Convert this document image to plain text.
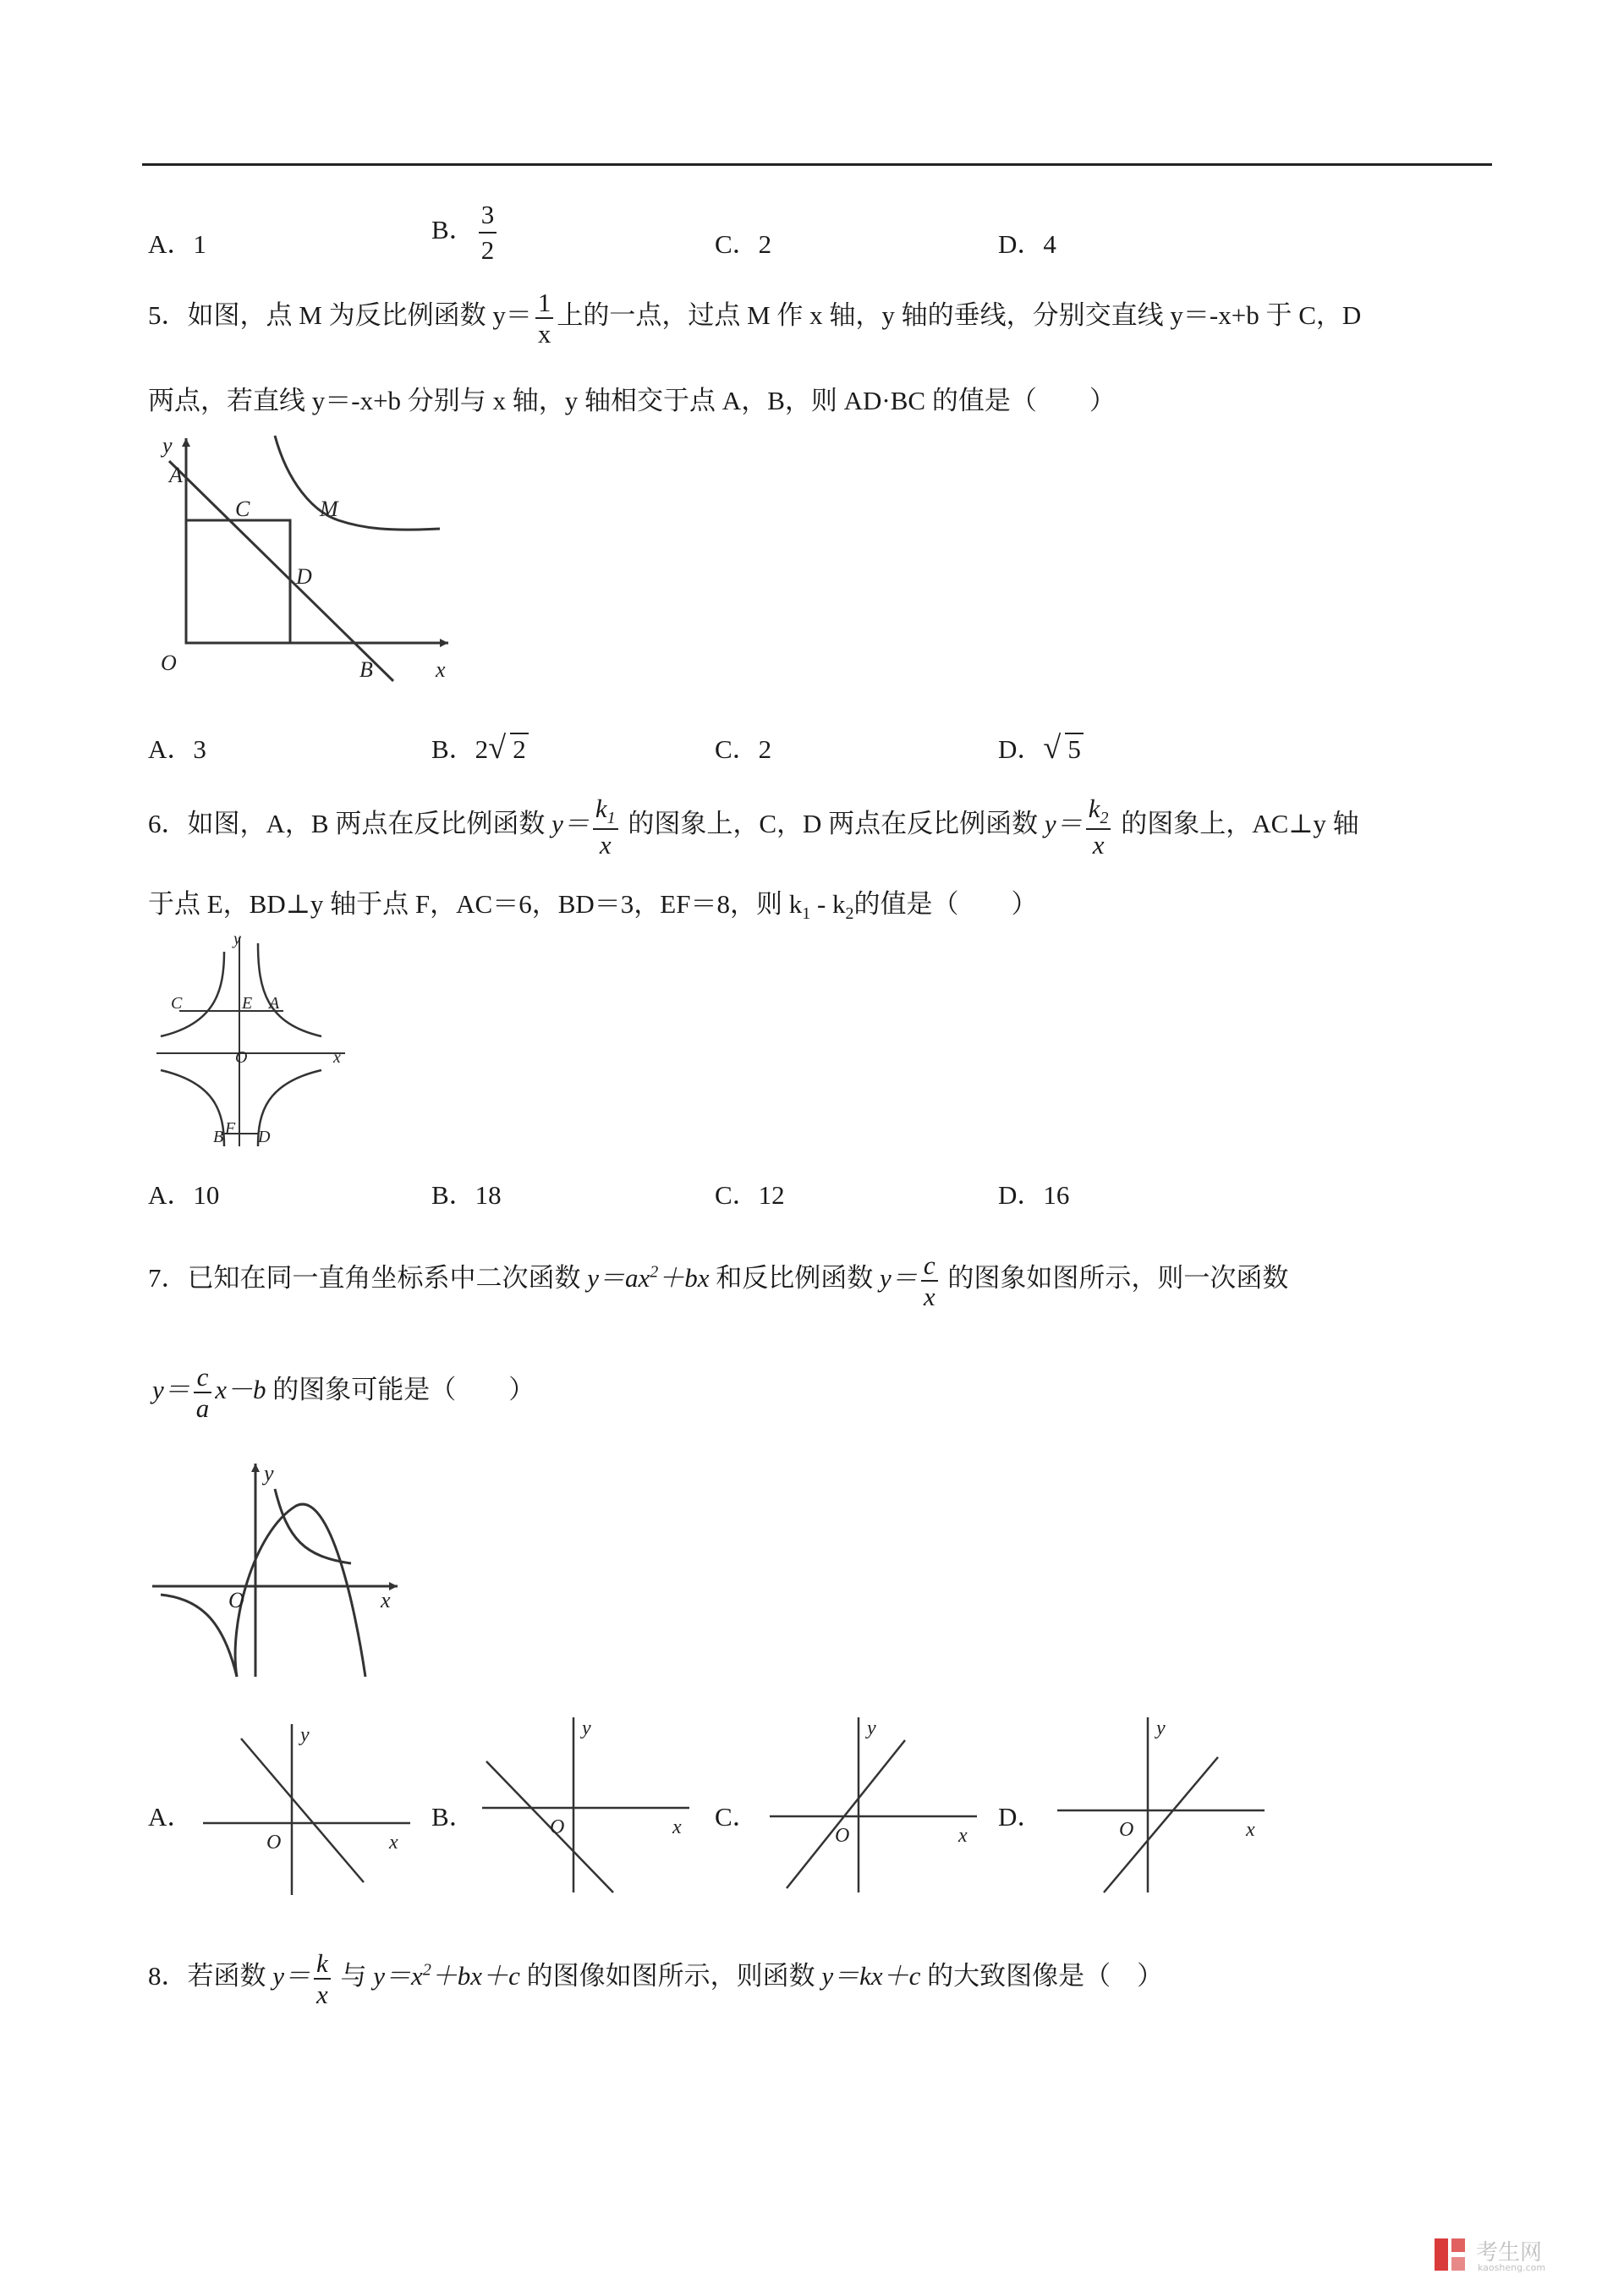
A．1	B． $\frac{3}{2}$	C．2	D．4
5．如图，点 M 为反比例函数 $y= \frac{1}{x}$ 上的一点，过点 M 作 x 轴，y 轴的垂线，分别交直线 y＝-x+b 于 C，D
两点，若直线 y＝-x+b 分别与 x 轴，y 轴相交于点 A，B，则 AD·BC 的值是（　　）
y
A
C	M
D
O	B	x
A．3	B．2 √ 2	C．2	D． √ 5
6．如图，A，B 两点在反比例函数 $y= \frac{k_1}{x}$ 的图象上，C，D 两点在反比例函数 $y= \frac{k_2}{x}$ 的图象上，AC⊥y 轴
于点 E，BD⊥y 轴于点 F，AC＝6，BD＝3，EF＝8，则 $k_1 - k_2$的值是（　　）
C	E A
y
O	x
F
B D
A．10	B．18	C．12	D．16
7．已知在同一直角坐标系中二次函数 $y=ax^2+bx$ 和反比例函数 $y= \frac{c}{x}$ 的图象如图所示，则一次函数
$y= \frac{c}{a} x-b$ 的图象可能是（　　）
y
O	x
A．
y
O	x
B．
y
O	x C．
y
O	x
D．
y
O	x
8．若函数 $y= \frac{k}{x}$ 与 $y=x^2+bx+c$ 的图像如图所示，则函数 y＝kx＋c 的大致图像是（　）
考生网
kaosheng.com
